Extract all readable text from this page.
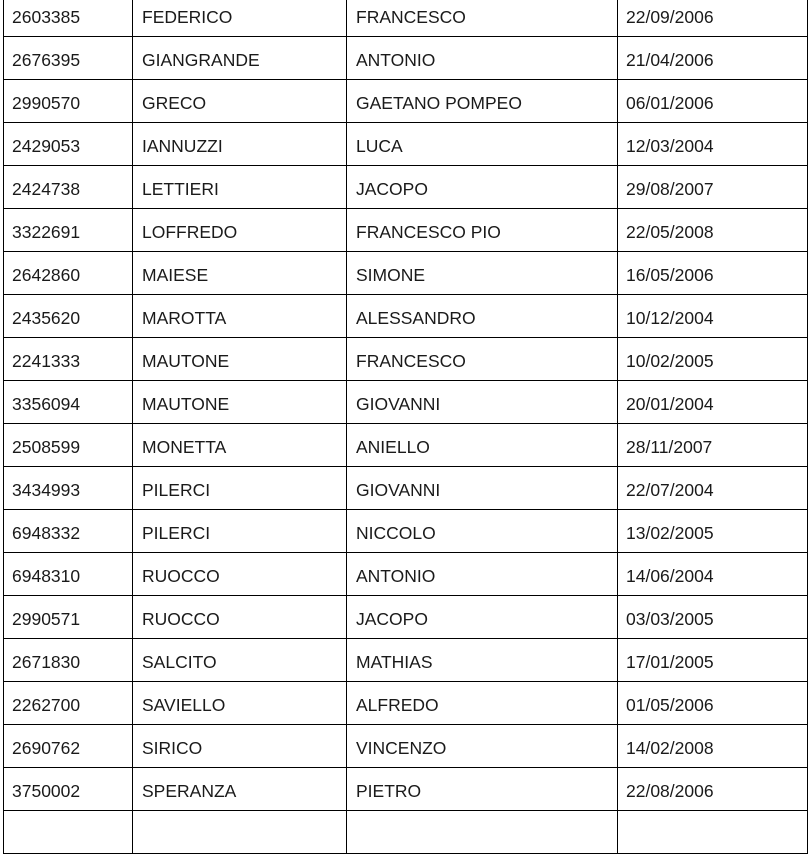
2603385	FEDERICO	FRANCESCO	22/09/2006

2676395	GIANGRANDE	ANTONIO	21/04/2006

2990570	GRECO	GAETANO POMPEO	06/01/2006

2429053	IANNUZZI	LUCA	12/03/2004

2424738	LETTIERI	JACOPO	29/08/2007

3322691	LOFFREDO	FRANCESCO PIO	22/05/2008

2642860	MAIESE	SIMONE	16/05/2006

2435620	MAROTTA	ALESSANDRO	10/12/2004

2241333	MAUTONE	FRANCESCO	10/02/2005

3356094	MAUTONE	GIOVANNI	20/01/2004

2508599	MONETTA	ANIELLO	28/11/2007

3434993	PILERCI	GIOVANNI	22/07/2004

6948332	PILERCI	NICCOLO	13/02/2005

6948310	RUOCCO	ANTONIO	14/06/2004

2990571	RUOCCO	JACOPO	03/03/2005

2671830	SALCITO	MATHIAS	17/01/2005

2262700	SAVIELLO	ALFREDO	01/05/2006

2690762	SIRICO	VINCENZO	14/02/2008

3750002	SPERANZA	PIETRO	22/08/2006
